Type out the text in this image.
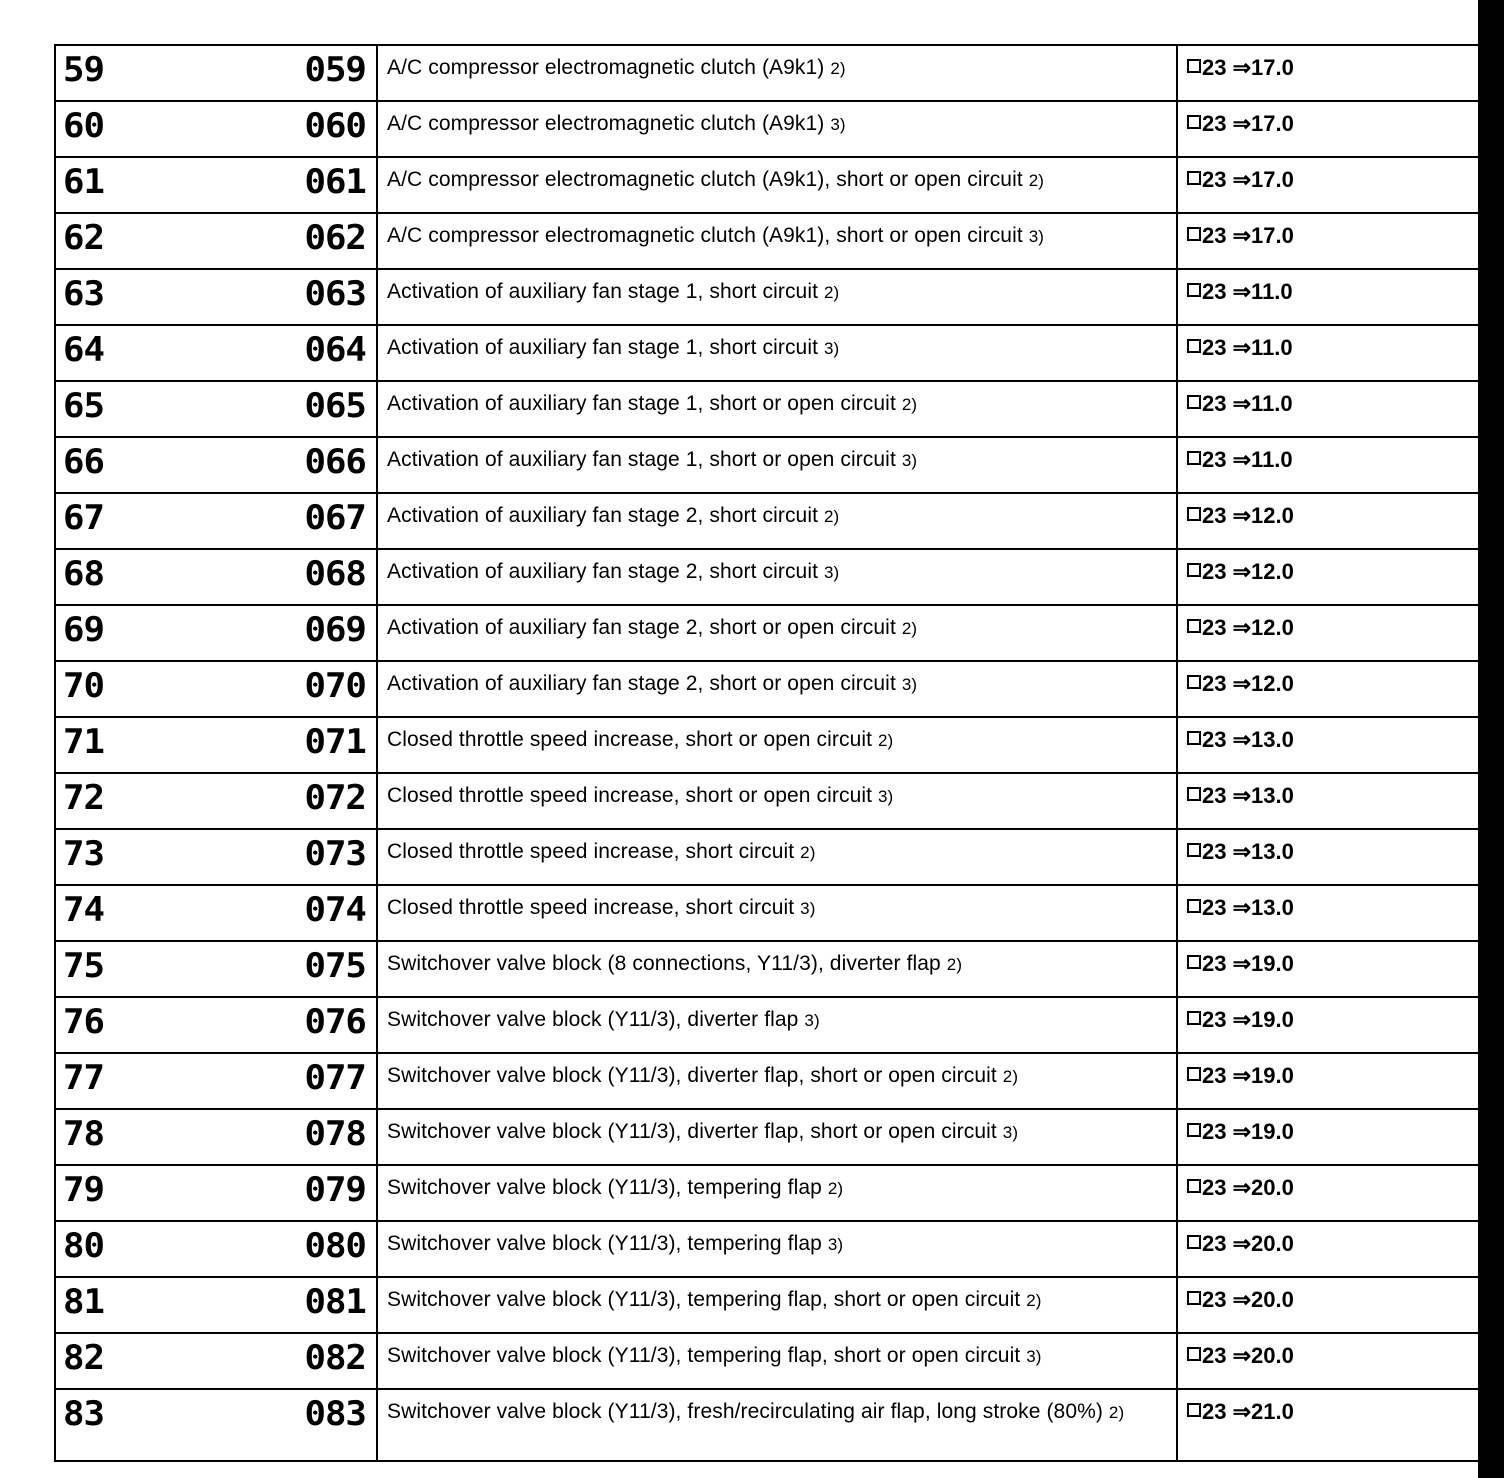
59	059 A/C compressor electromagnetic clutch (A9k1) 2)	23 ⇒17.0
60	060 A/C compressor electromagnetic clutch (A9k1) 3)	23 ⇒17.0
61	061 A/C compressor electromagnetic clutch (A9k1), short or open circuit 2)	23 ⇒17.0
62	062 A/C compressor electromagnetic clutch (A9k1), short or open circuit 3)	23 ⇒17.0
63	063 Activation of auxiliary fan stage 1, short circuit 2)	23 ⇒11.0
64	064 Activation of auxiliary fan stage 1, short circuit 3)	23 ⇒11.0
65	065 Activation of auxiliary fan stage 1, short or open circuit 2)	23 ⇒11.0
66	066 Activation of auxiliary fan stage 1, short or open circuit 3)	23 ⇒11.0
67	067 Activation of auxiliary fan stage 2, short circuit 2)	23 ⇒12.0
68	068 Activation of auxiliary fan stage 2, short circuit 3)	23 ⇒12.0
69	069 Activation of auxiliary fan stage 2, short or open circuit 2)	23 ⇒12.0
70	070 Activation of auxiliary fan stage 2, short or open circuit 3)	23 ⇒12.0
71	071 Closed throttle speed increase, short or open circuit 2)	23 ⇒13.0
72	072 Closed throttle speed increase, short or open circuit 3)	23 ⇒13.0
73	073 Closed throttle speed increase, short circuit 2)	23 ⇒13.0
74	074 Closed throttle speed increase, short circuit 3)	23 ⇒13.0
75	075 Switchover valve block (8 connections, Y11/3), diverter flap 2)	23 ⇒19.0
76	076 Switchover valve block (Y11/3), diverter flap 3)	23 ⇒19.0
77	077 Switchover valve block (Y11/3), diverter flap, short or open circuit 2)	23 ⇒19.0
78	078 Switchover valve block (Y11/3), diverter flap, short or open circuit 3)	23 ⇒19.0
79	079 Switchover valve block (Y11/3), tempering flap 2)	23 ⇒20.0
80	080 Switchover valve block (Y11/3), tempering flap 3)	23 ⇒20.0
81	081 Switchover valve block (Y11/3), tempering flap, short or open circuit 2)	23 ⇒20.0
82	082 Switchover valve block (Y11/3), tempering flap, short or open circuit 3)	23 ⇒20.0
83	083 Switchover valve block (Y11/3), fresh/recirculating air flap, long stroke (80%) 2)	23 ⇒21.0
